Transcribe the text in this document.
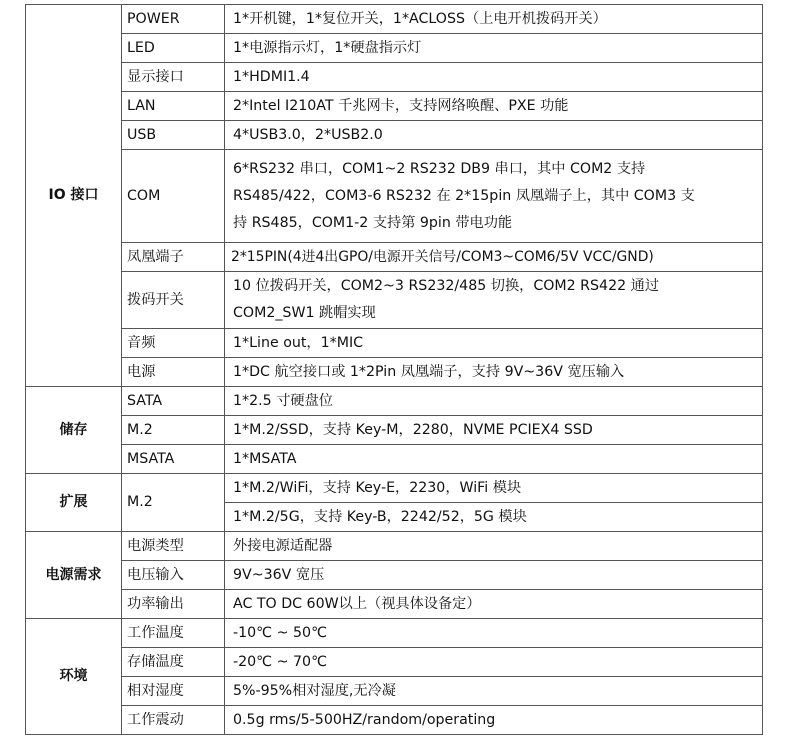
IO 接口	POWER	1*开机键，1*复位开关，1*ACLOSS（上电开机拨码开关）
	LED	1*电源指示灯，1*硬盘指示灯
	显示接口	1*HDMI1.4
	LAN	2*Intel I210AT 千兆网卡，支持网络唤醒、PXE 功能
	USB	4*USB3.0，2*USB2.0
	COM	6*RS232 串口，COM1~2 RS232 DB9 串口，其中 COM2 支持
RS485/422，COM3-6 RS232 在 2*15pin 凤凰端子上，其中 COM3 支
持 RS485，COM1-2 支持第 9pin 带电功能

	凤凰端子	2*15PIN(4进4出GPO/电源开关信号/COM3~COM6/5V VCC/GND)
	拨码开关	10 位拨码开关，COM2~3 RS232/485 切换，COM2 RS422 通过
COM2_SW1 跳帽实现

	音频	1*Line out，1*MIC
	电源	1*DC 航空接口或 1*2Pin 凤凰端子，支持 9V~36V 宽压输入
储存	SATA	1*2.5 寸硬盘位
	M.2	1*M.2/SSD，支持 Key-M，2280，NVME PCIEX4 SSD
	MSATA	1*MSATA
扩展	M.2	1*M.2/WiFi，支持 Key-E，2230，WiFi 模块
		1*M.2/5G，支持 Key-B，2242/52，5G 模块
电源需求	电源类型	外接电源适配器
	电压输入	9V~36V 宽压
	功率输出	AC TO DC 60W以上（视具体设备定）
环境	工作温度	-10℃ ~ 50℃
	存储温度	-20℃ ~ 70℃
	相对湿度	5%-95%相对湿度,无冷凝
	工作震动	0.5g rms/5-500HZ/random/operating
